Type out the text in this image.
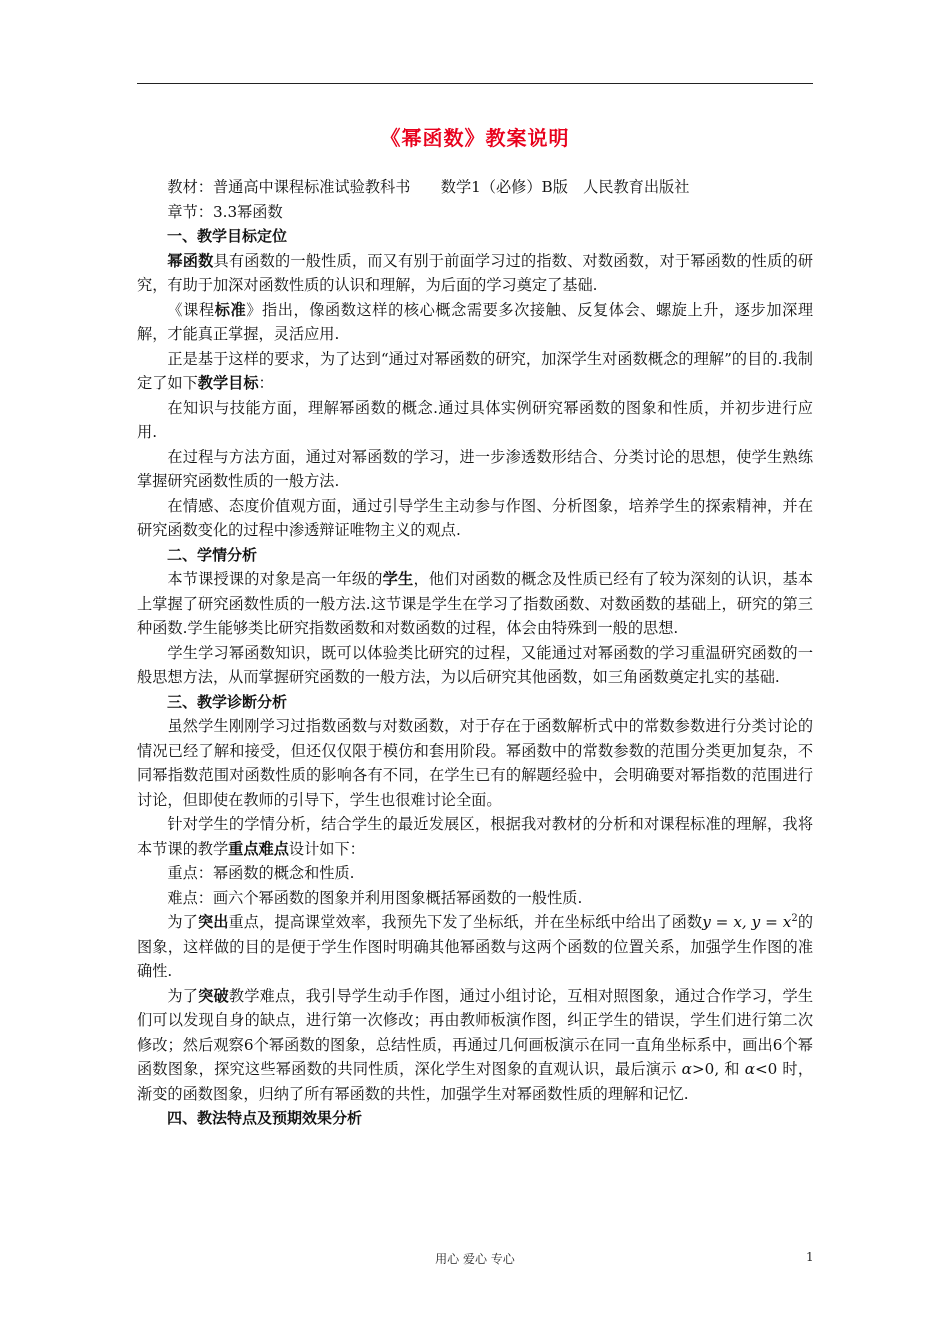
《幂函数》教案说明

教材：普通高中课程标准试验教科书　　数学1（必修）B版　人民教育出版社

章节：3.3幂函数

一、教学目标定位

幂函数具有函数的一般性质，而又有别于前面学习过的指数、对数函数，对于幂函数的性质的研究，有助于加深对函数性质的认识和理解，为后面的学习奠定了基础.

《课程标准》指出，像函数这样的核心概念需要多次接触、反复体会、螺旋上升，逐步加深理解，才能真正掌握，灵活应用.

正是基于这样的要求，为了达到“通过对幂函数的研究，加深学生对函数概念的理解”的目的.我制定了如下教学目标：

在知识与技能方面，理解幂函数的概念.通过具体实例研究幂函数的图象和性质，并初步进行应用.

在过程与方法方面，通过对幂函数的学习，进一步渗透数形结合、分类讨论的思想，使学生熟练掌握研究函数性质的一般方法.

在情感、态度价值观方面，通过引导学生主动参与作图、分析图象，培养学生的探索精神，并在研究函数变化的过程中渗透辩证唯物主义的观点.

二、学情分析

本节课授课的对象是高一年级的学生，他们对函数的概念及性质已经有了较为深刻的认识，基本上掌握了研究函数性质的一般方法.这节课是学生在学习了指数函数、对数函数的基础上，研究的第三种函数.学生能够类比研究指数函数和对数函数的过程，体会由特殊到一般的思想.

学生学习幂函数知识，既可以体验类比研究的过程，又能通过对幂函数的学习重温研究函数的一般思想方法，从而掌握研究函数的一般方法，为以后研究其他函数，如三角函数奠定扎实的基础.

三、教学诊断分析

虽然学生刚刚学习过指数函数与对数函数，对于存在于函数解析式中的常数参数进行分类讨论的情况已经了解和接受，但还仅仅限于模仿和套用阶段。幂函数中的常数参数的范围分类更加复杂，不同幂指数范围对函数性质的影响各有不同，在学生已有的解题经验中，会明确要对幂指数的范围进行讨论，但即使在教师的引导下，学生也很难讨论全面。

针对学生的学情分析，结合学生的最近发展区，根据我对教材的分析和对课程标准的理解，我将本节课的教学重点难点设计如下：

重点：幂函数的概念和性质.

难点：画六个幂函数的图象并利用图象概括幂函数的一般性质.

为了突出重点，提高课堂效率，我预先下发了坐标纸，并在坐标纸中给出了函数y = x, $y = x^2$的图象，这样做的目的是便于学生作图时明确其他幂函数与这两个函数的位置关系，加强学生作图的准确性.

为了突破教学难点，我引导学生动手作图，通过小组讨论，互相对照图象，通过合作学习，学生们可以发现自身的缺点，进行第一次修改；再由教师板演作图，纠正学生的错误，学生们进行第二次修改；然后观察6个幂函数的图象，总结性质，再通过几何画板演示在同一直角坐标系中，画出6个幂函数图象，探究这些幂函数的共同性质，深化学生对图象的直观认识，最后演示 α>0, 和 α<0 时，渐变的函数图象，归纳了所有幂函数的共性，加强学生对幂函数性质的理解和记忆.

四、教法特点及预期效果分析

用心 爱心 专心	1
